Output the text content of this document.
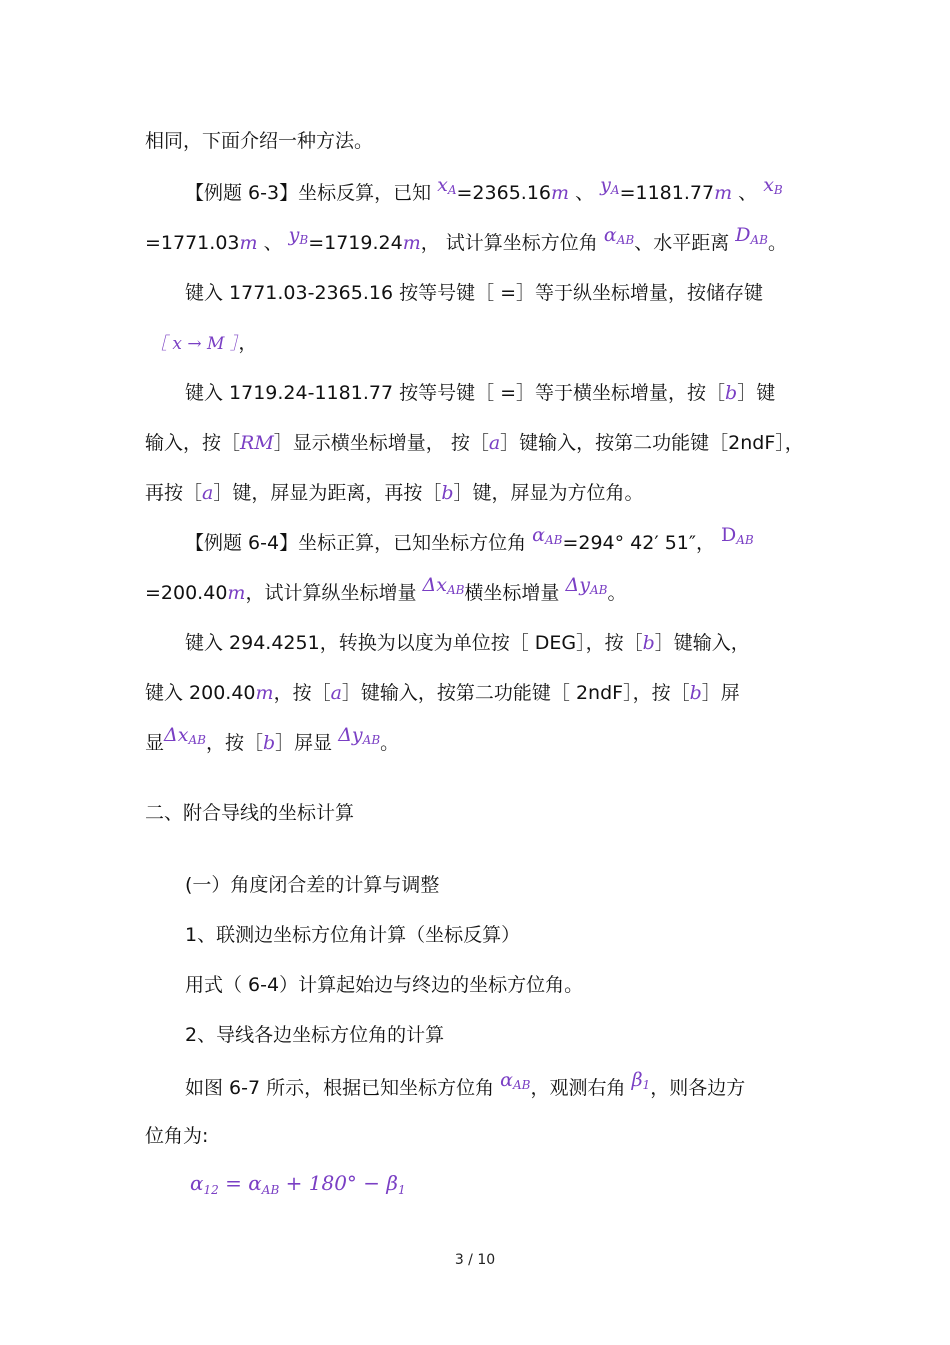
相同，下面介绍一种方法。
【例题 6-3】坐标反算，已知 $x_A=2365.16m$ 、 $y_A=1181.77m$ 、 $x_B$
=1771.03m 、 $y_B=1719.24m$， 试计算坐标方位角 $\alpha_{AB}$、水平距离 $D_{AB}$。
键入 1771.03-2365.16 按等号键［ =］等于纵坐标增量，按储存键
［ x → M ］，
键入 1719.24-1181.77 按等号键［ =］等于横坐标增量，按［b］键
输入，按［RM］显示横坐标增量， 按［a］键输入，按第二功能键［2ndF］，
再按［a］键，屏显为距离，再按［b］键，屏显为方位角。
【例题 6-4】坐标正算，已知坐标方位角 $\alpha_{AB}=294^\circ$ 42′ 51″， $D_{AB}$
=200.40m，试计算纵坐标增量 $\Delta x_{AB}$横坐标增量 $\Delta y_{AB}$。
键入 294.4251，转换为以度为单位按［ DEG］，按［b］键输入，
键入 200.40m，按［a］键输入，按第二功能键［ 2ndF］，按［b］屏
显$\Delta x_{AB}$，按［b］屏显 $\Delta y_{AB}$。
二、附合导线的坐标计算
(一）角度闭合差的计算与调整
1、联测边坐标方位角计算（坐标反算）
用式（ 6-4）计算起始边与终边的坐标方位角。
2、导线各边坐标方位角的计算
如图 6-7 所示，根据已知坐标方位角 $\alpha_{AB}$，观测右角 $\beta_1$，则各边方
位角为:
$\alpha_{12} = \alpha_{AB} + 180^\circ - \beta_1$
3 / 10
